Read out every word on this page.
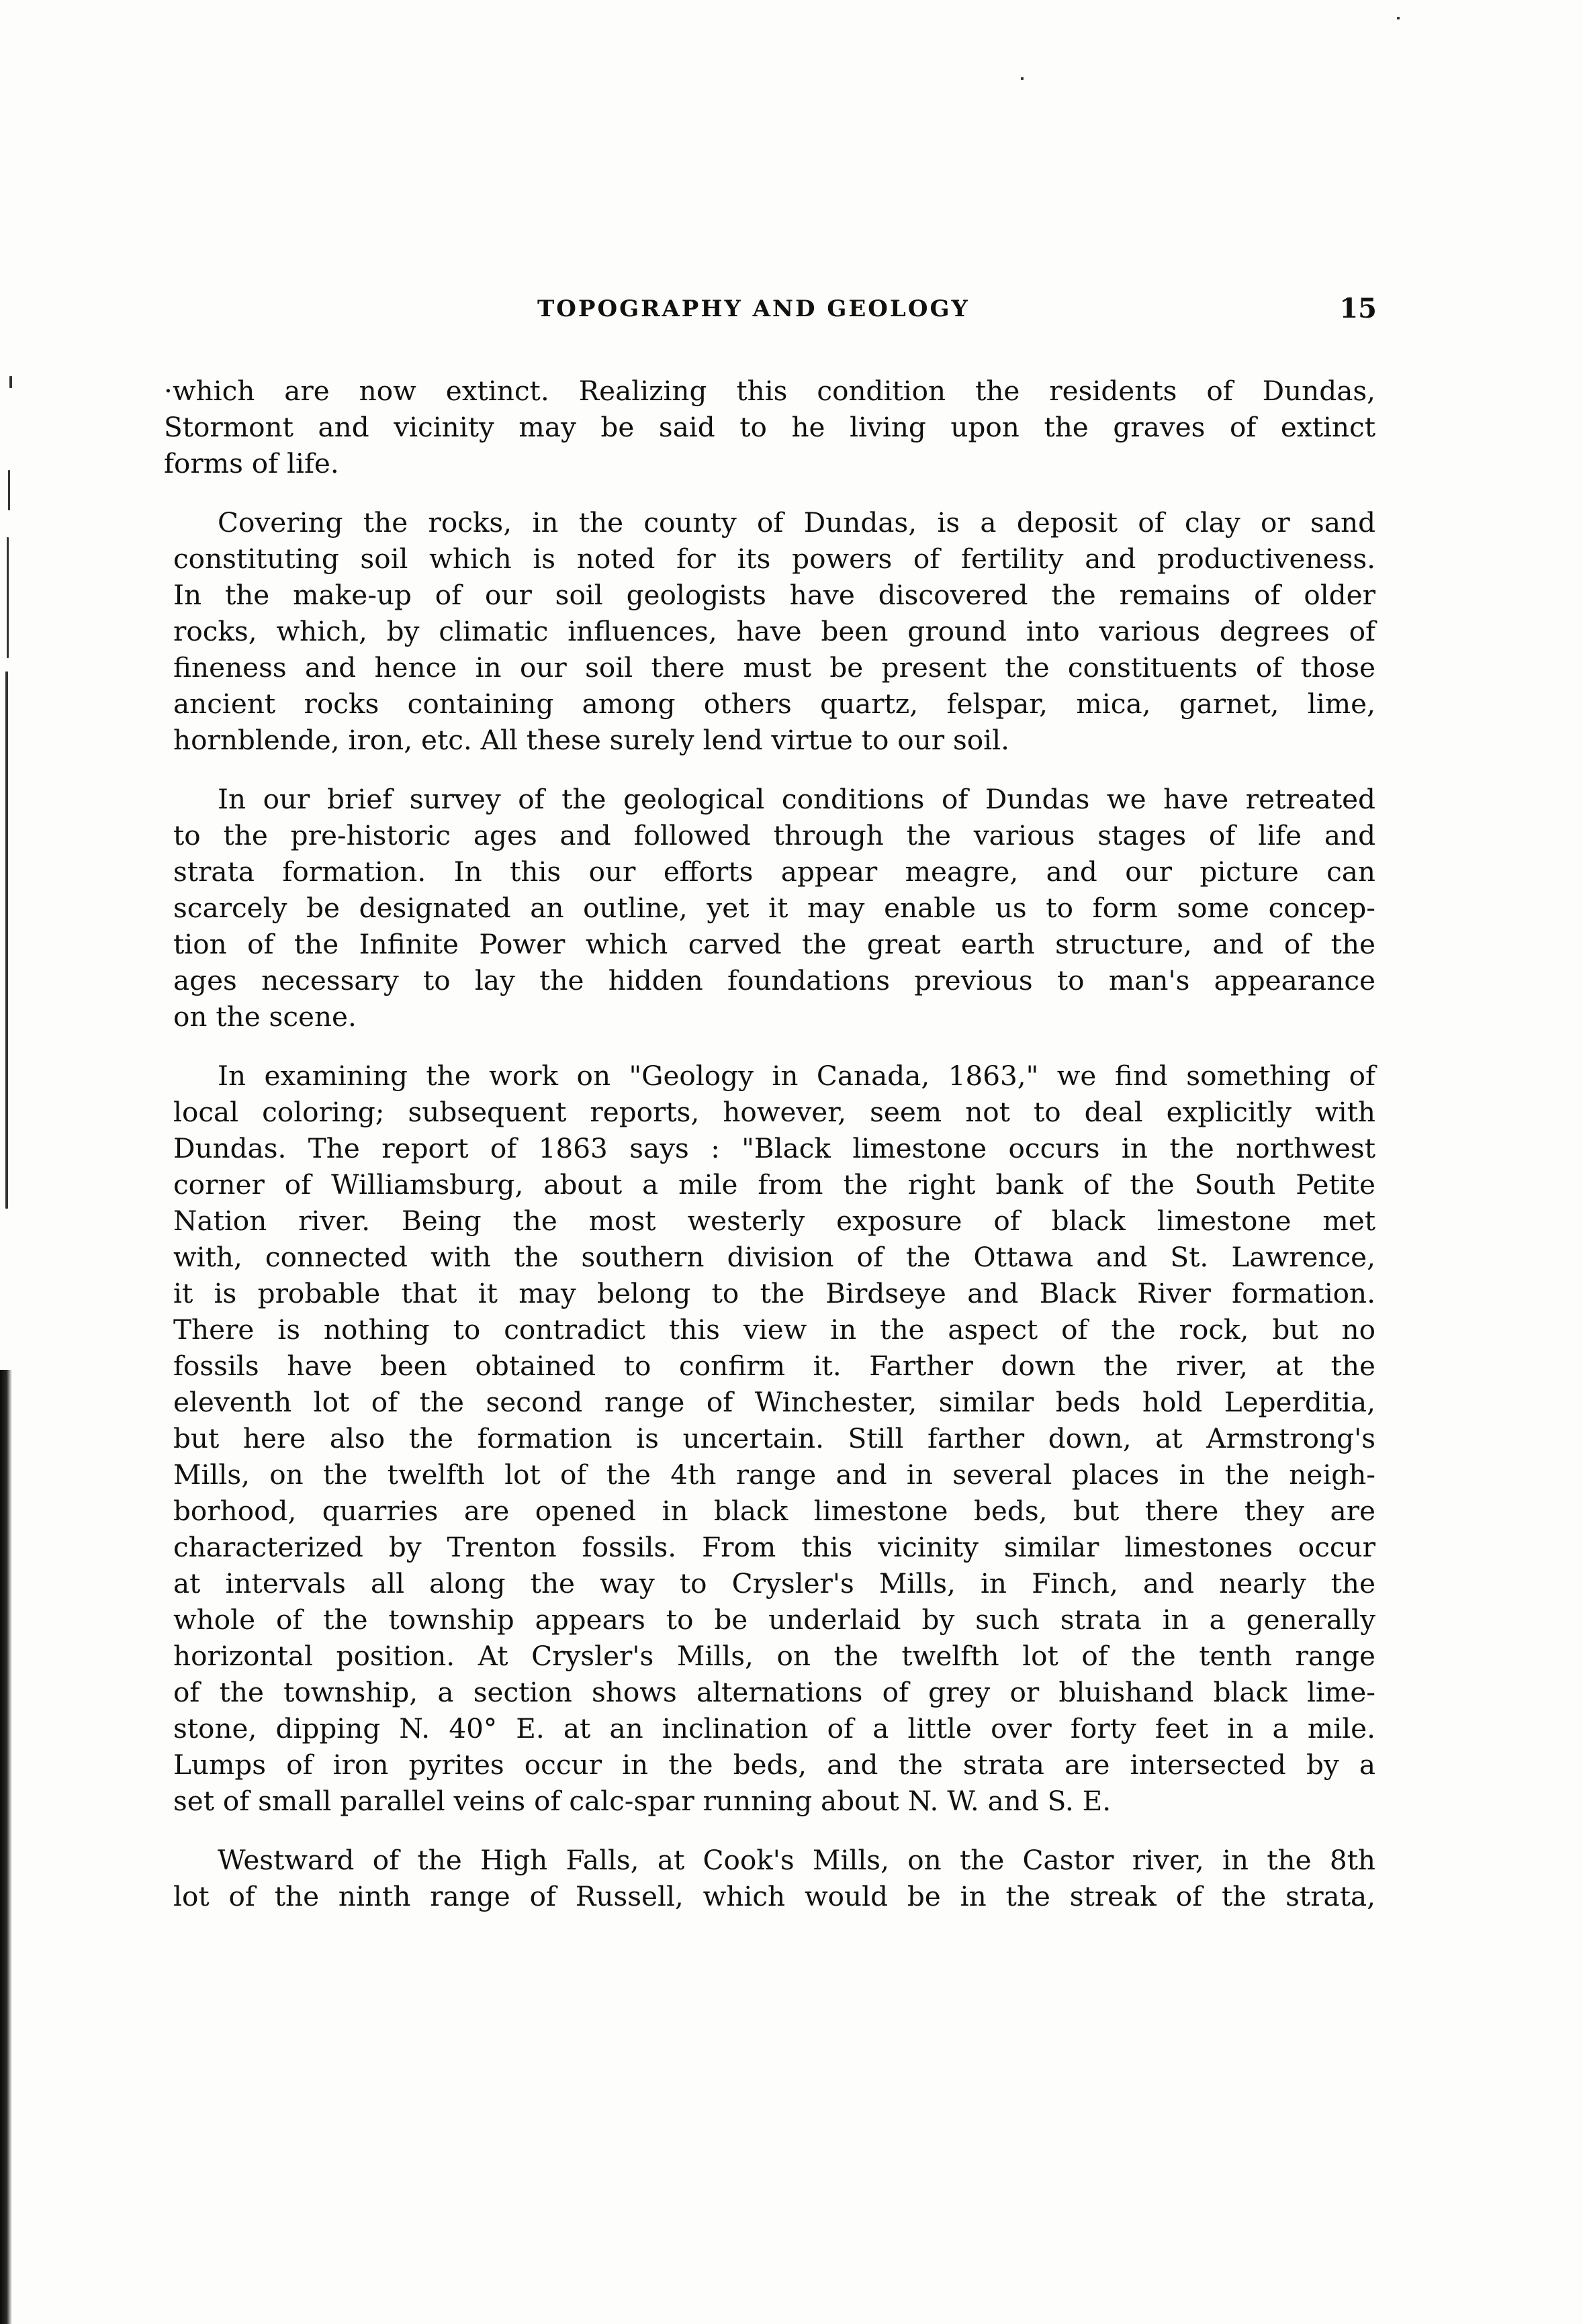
TOPOGRAPHY AND GEOLOGY	15

·which are now extinct. Realizing this condition the residents of Dundas,
Stormont and vicinity may be said to he living upon the graves of extinct
forms of life.

Covering the rocks, in the county of Dundas, is a deposit of clay or sand
constituting soil which is noted for its powers of fertility and productiveness.
In the make-up of our soil geologists have discovered the remains of older
rocks, which, by climatic influences, have been ground into various degrees of
fineness and hence in our soil there must be present the constituents of those
ancient rocks containing among others quartz, felspar, mica, garnet, lime,
hornblende, iron, etc. All these surely lend virtue to our soil.

In our brief survey of the geological conditions of Dundas we have retreated
to the pre-historic ages and followed through the various stages of life and
strata formation. In this our efforts appear meagre, and our picture can
scarcely be designated an outline, yet it may enable us to form some concep-
tion of the Infinite Power which carved the great earth structure, and of the
ages necessary to lay the hidden foundations previous to man's appearance
on the scene.

In examining the work on "Geology in Canada, 1863," we find something of
local coloring; subsequent reports, however, seem not to deal explicitly with
Dundas. The report of 1863 says : "Black limestone occurs in the northwest
corner of Williamsburg, about a mile from the right bank of the South Petite
Nation river. Being the most westerly exposure of black limestone met
with, connected with the southern division of the Ottawa and St. Lawrence,
it is probable that it may belong to the Birdseye and Black River formation.
There is nothing to contradict this view in the aspect of the rock, but no
fossils have been obtained to confirm it. Farther down the river, at the
eleventh lot of the second range of Winchester, similar beds hold Leperditia,
but here also the formation is uncertain. Still farther down, at Armstrong's
Mills, on the twelfth lot of the 4th range and in several places in the neigh-
borhood, quarries are opened in black limestone beds, but there they are
characterized by Trenton fossils. From this vicinity similar limestones occur
at intervals all along the way to Crysler's Mills, in Finch, and nearly the
whole of the township appears to be underlaid by such strata in a generally
horizontal position. At Crysler's Mills, on the twelfth lot of the tenth range
of the township, a section shows alternations of grey or bluishand black lime-
stone, dipping N. 40° E. at an inclination of a little over forty feet in a mile.
Lumps of iron pyrites occur in the beds, and the strata are intersected by a
set of small parallel veins of calc-spar running about N. W. and S. E.

Westward of the High Falls, at Cook's Mills, on the Castor river, in the 8th
lot of the ninth range of Russell, which would be in the streak of the strata,
